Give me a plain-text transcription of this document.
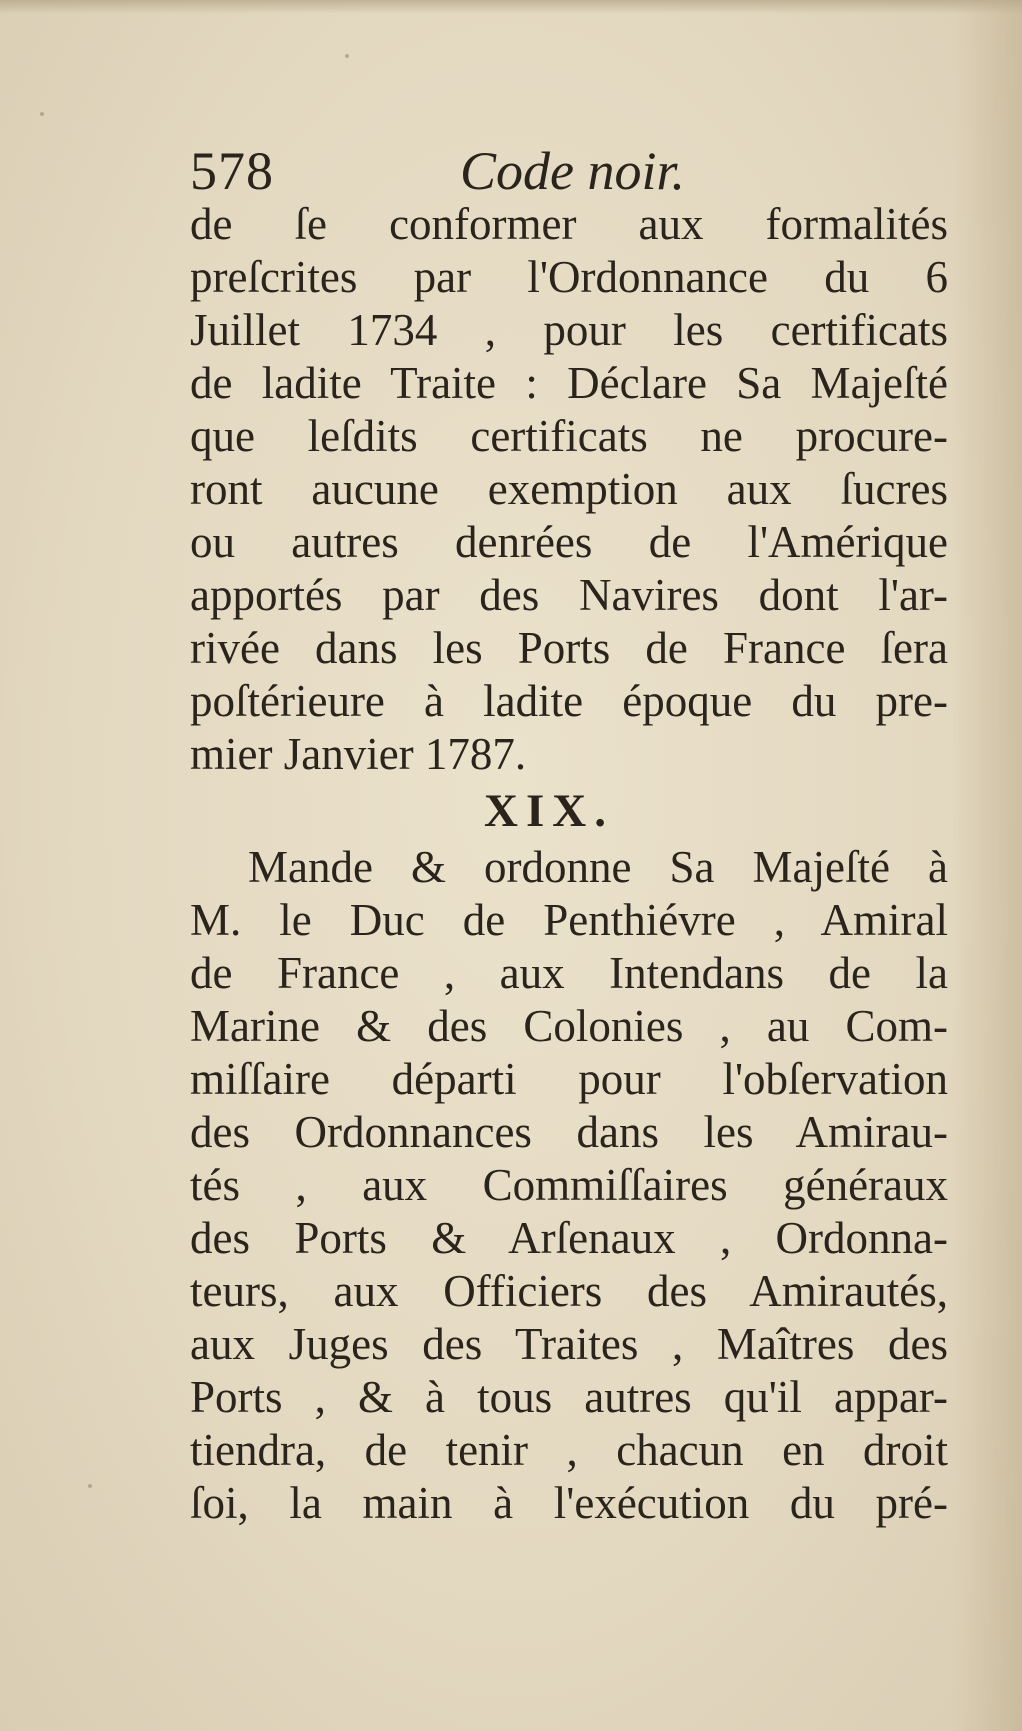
578	Code noir.
de ſe conformer aux formalités
preſcrites par l'Ordonnance du 6
Juillet 1734 , pour les certificats
de ladite Traite : Déclare Sa Majeſté
que leſdits certificats ne procure-
ront aucune exemption aux ſucres
ou autres denrées de l'Amérique
apportés par des Navires dont l'ar-
rivée dans les Ports de France ſera
poſtérieure à ladite époque du pre-
mier Janvier 1787.
XIX.
Mande & ordonne Sa Majeſté à
M. le Duc de Penthiévre , Amiral
de France , aux Intendans de la
Marine & des Colonies , au Com-
miſſaire départi pour l'obſervation
des Ordonnances dans les Amirau-
tés , aux Commiſſaires généraux
des Ports & Arſenaux , Ordonna-
teurs, aux Officiers des Amirautés,
aux Juges des Traites , Maîtres des
Ports , & à tous autres qu'il appar-
tiendra, de tenir , chacun en droit
ſoi, la main à l'exécution du pré-
